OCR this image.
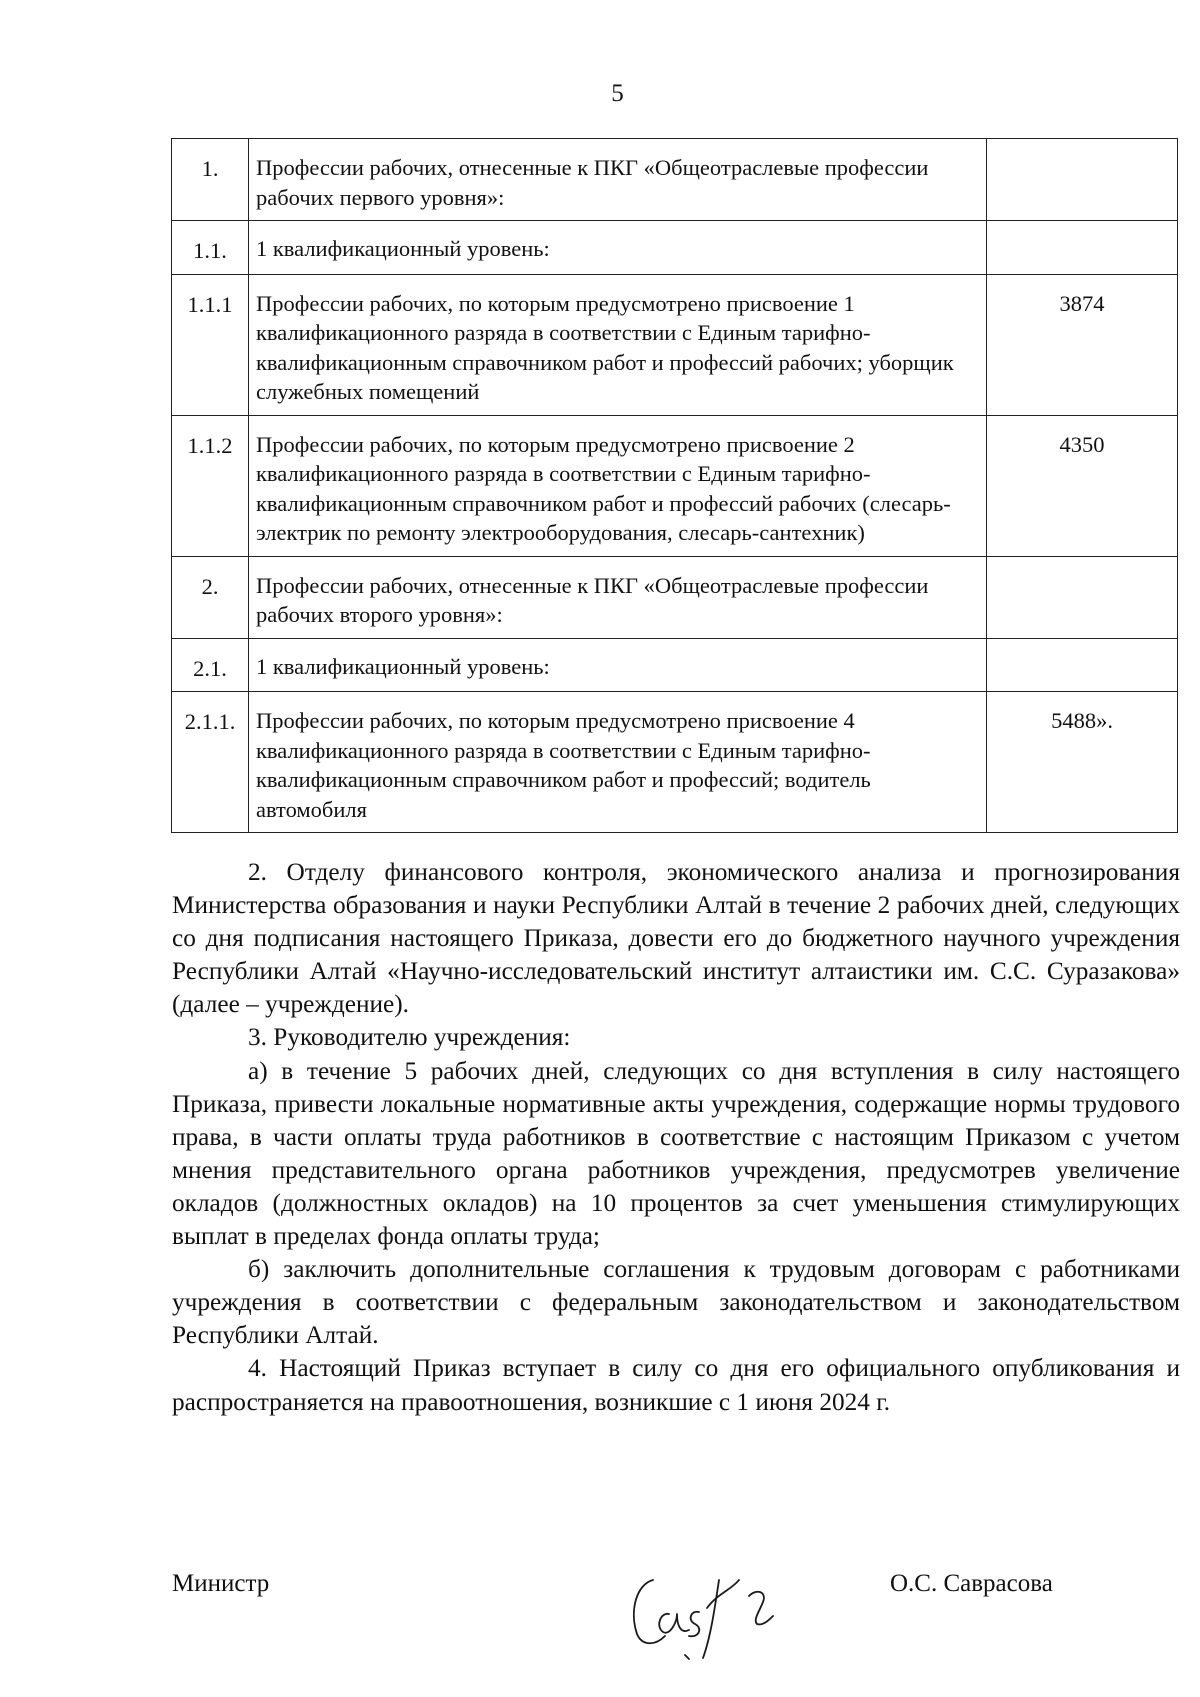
5
1.	Профессии рабочих, отнесенные к ПКГ «Общеотраслевые профессии рабочих первого уровня»:	
1.1.	1 квалификационный уровень:	
1.1.1	Профессии рабочих, по которым предусмотрено присвоение 1 квалификационного разряда в соответствии с Единым тарифно-квалификационным справочником работ и профессий рабочих; уборщик служебных помещений	3874
1.1.2	Профессии рабочих, по которым предусмотрено присвоение 2 квалификационного разряда в соответствии с Единым тарифно-квалификационным справочником работ и профессий рабочих (слесарь-электрик по ремонту электрооборудования, слесарь-сантехник)	4350
2.	Профессии рабочих, отнесенные к ПКГ «Общеотраслевые профессии рабочих второго уровня»:	
2.1.	1 квалификационный уровень:	
2.1.1.	Профессии рабочих, по которым предусмотрено присвоение 4 квалификационного разряда в соответствии с Единым тарифно-квалификационным справочником работ и профессий; водитель автомобиля	5488».

2. Отделу финансового контроля, экономического анализа и прогнозирования Министерства образования и науки Республики Алтай в течение 2 рабочих дней, следующих со дня подписания настоящего Приказа, довести его до бюджетного научного учреждения Республики Алтай «Научно-исследовательский институт алтаистики им. С.С. Суразакова» (далее – учреждение).

3. Руководителю учреждения:

а) в течение 5 рабочих дней, следующих со дня вступления в силу настоящего Приказа, привести локальные нормативные акты учреждения, содержащие нормы трудового права, в части оплаты труда работников в соответствие с настоящим Приказом с учетом мнения представительного органа работников учреждения, предусмотрев увеличение окладов (должностных окладов) на 10 процентов за счет уменьшения стимулирующих выплат в пределах фонда оплаты труда;

б) заключить дополнительные соглашения к трудовым договорам с работниками учреждения в соответствии с федеральным законодательством и законодательством Республики Алтай.

4. Настоящий Приказ вступает в силу со дня его официального опубликования и распространяется на правоотношения, возникшие с 1 июня 2024 г.

Министр	О.С. Саврасова
